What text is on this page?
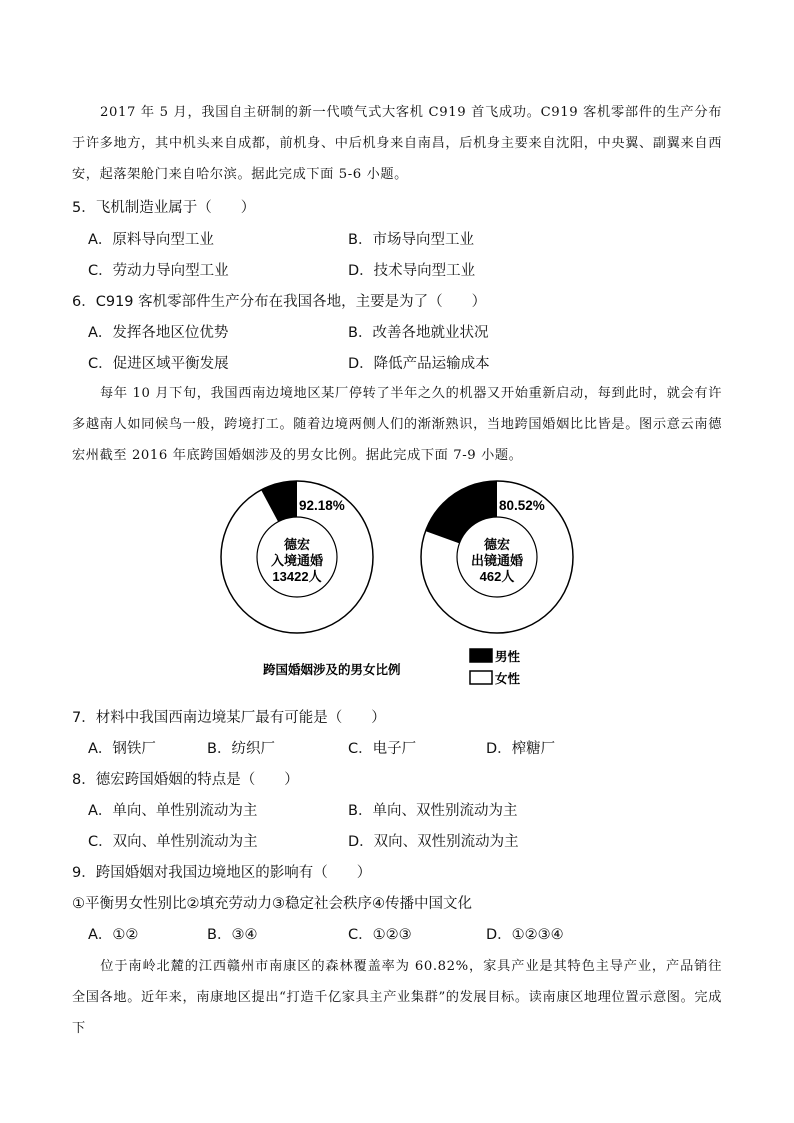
2017 年 5 月，我国自主研制的新一代喷气式大客机 C919 首飞成功。C919 客机零部件的生产分布于许多地方，其中机头来自成都，前机身、中后机身来自南昌，后机身主要来自沈阳，中央翼、副翼来自西安，起落架舱门来自哈尔滨。据此完成下面 5-6 小题。
5．飞机制造业属于（　　）
A．原料导向型工业	B．市场导向型工业
C．劳动力导向型工业	D．技术导向型工业
6．C919 客机零部件生产分布在我国各地，主要是为了（　　）
A．发挥各地区位优势	B．改善各地就业状况
C．促进区域平衡发展	D．降低产品运输成本
每年 10 月下旬，我国西南边境地区某厂停转了半年之久的机器又开始重新启动，每到此时，就会有许多越南人如同候鸟一般，跨境打工。随着边境两侧人们的渐渐熟识，当地跨国婚姻比比皆是。图示意云南德宏州截至 2016 年底跨国婚姻涉及的男女比例。据此完成下面 7-9 小题。
92.18%
德宏
入境通婚
13422人
80.52%
德宏
出镜通婚
462人
跨国婚姻涉及的男女比例
男性
女性
7．材料中我国西南边境某厂最有可能是（　　）
A．钢铁厂	B．纺织厂	C．电子厂	D．榨糖厂
8．德宏跨国婚姻的特点是（　　）
A．单向、单性别流动为主	B．单向、双性别流动为主
C．双向、单性别流动为主	D．双向、双性别流动为主
9．跨国婚姻对我国边境地区的影响有（　　）
①平衡男女性别比②填充劳动力③稳定社会秩序④传播中国文化
A．①②	B．③④	C．①②③	D．①②③④
位于南岭北麓的江西赣州市南康区的森林覆盖率为 60.82%，家具产业是其特色主导产业，产品销往全国各地。近年来，南康地区提出“打造千亿家具主产业集群”的发展目标。读南康区地理位置示意图。完成下
